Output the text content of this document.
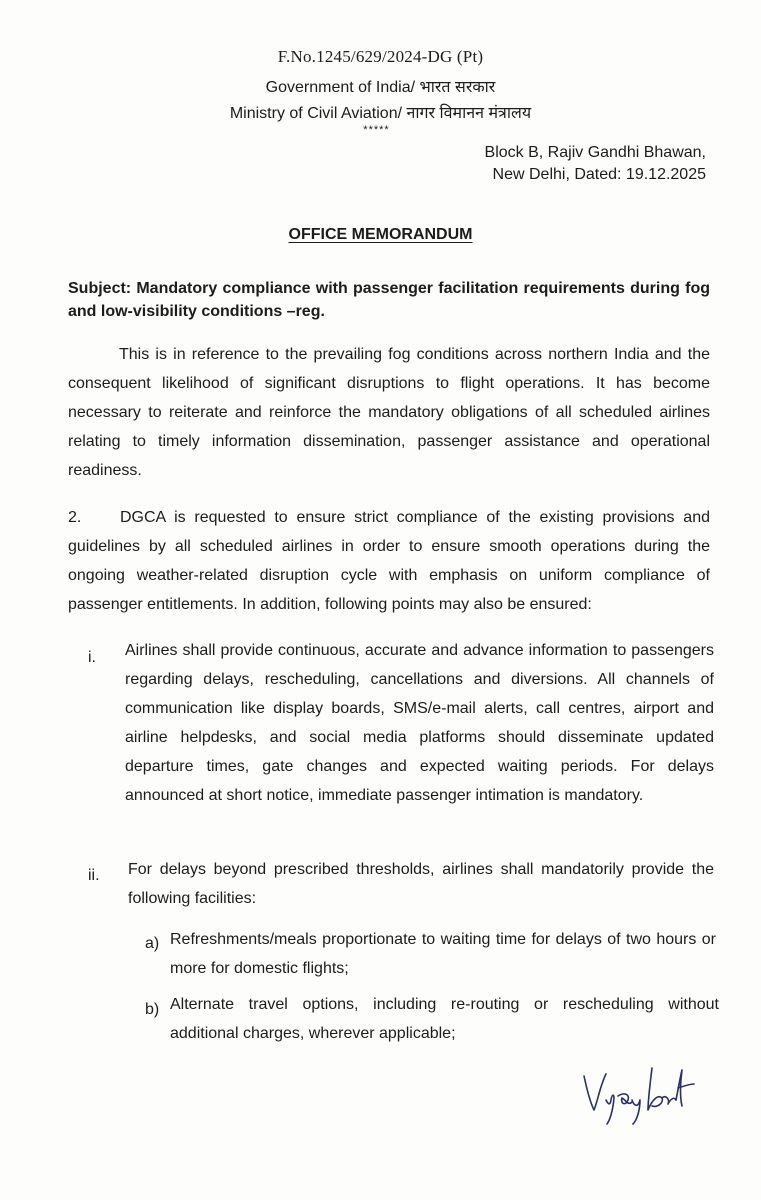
F.No.1245/629/2024-DG (Pt)
Government of India/ भारत सरकार
Ministry of Civil Aviation/ नागर विमानन मंत्रालय
*****
Block B, Rajiv Gandhi Bhawan,
New Delhi, Dated: 19.12.2025
OFFICE MEMORANDUM
Subject: Mandatory compliance with passenger facilitation requirements during fog and low-visibility conditions –reg.
This is in reference to the prevailing fog conditions across northern India and the consequent likelihood of significant disruptions to flight operations. It has become necessary to reiterate and reinforce the mandatory obligations of all scheduled airlines relating to timely information dissemination, passenger assistance and operational readiness.
2. DGCA is requested to ensure strict compliance of the existing provisions and guidelines by all scheduled airlines in order to ensure smooth operations during the ongoing weather-related disruption cycle with emphasis on uniform compliance of passenger entitlements. In addition, following points may also be ensured:
i. Airlines shall provide continuous, accurate and advance information to passengers regarding delays, rescheduling, cancellations and diversions. All channels of communication like display boards, SMS/e-mail alerts, call centres, airport and airline helpdesks, and social media platforms should disseminate updated departure times, gate changes and expected waiting periods. For delays announced at short notice, immediate passenger intimation is mandatory.
ii. For delays beyond prescribed thresholds, airlines shall mandatorily provide the following facilities:
a) Refreshments/meals proportionate to waiting time for delays of two hours or more for domestic flights;
b) Alternate travel options, including re-routing or rescheduling without additional charges, wherever applicable;
